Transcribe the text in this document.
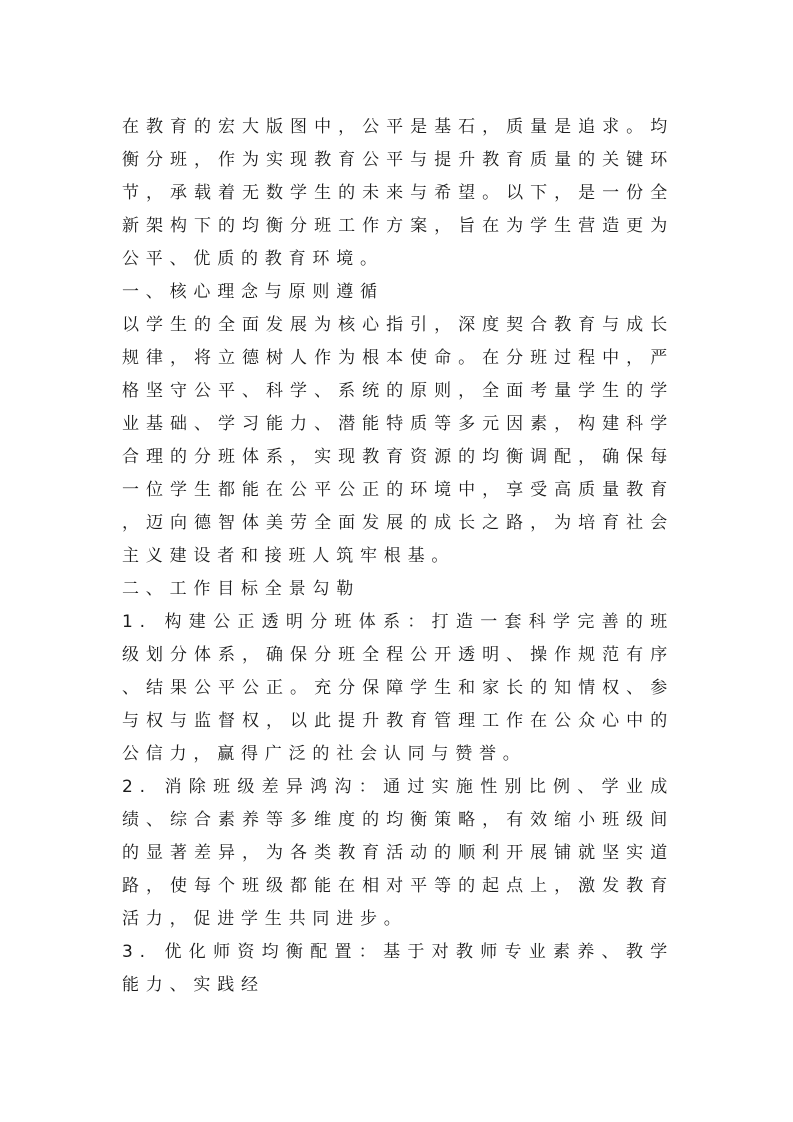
在教育的宏大版图中，公平是基石，质量是追求。均衡分班，作为实现教育公平与提升教育质量的关键环节，承载着无数学生的未来与希望。以下，是一份全新架构下的均衡分班工作方案，旨在为学生营造更为公平、优质的教育环境。

一、核心理念与原则遵循

以学生的全面发展为核心指引，深度契合教育与成长规律，将立德树人作为根本使命。在分班过程中，严格坚守公平、科学、系统的原则，全面考量学生的学业基础、学习能力、潜能特质等多元因素，构建科学合理的分班体系，实现教育资源的均衡调配，确保每一位学生都能在公平公正的环境中，享受高质量教育，迈向德智体美劳全面发展的成长之路，为培育社会主义建设者和接班人筑牢根基。

二、工作目标全景勾勒

1. 构建公正透明分班体系：打造一套科学完善的班级划分体系，确保分班全程公开透明、操作规范有序、结果公平公正。充分保障学生和家长的知情权、参与权与监督权，以此提升教育管理工作在公众心中的公信力，赢得广泛的社会认同与赞誉。

2. 消除班级差异鸿沟：通过实施性别比例、学业成绩、综合素养等多维度的均衡策略，有效缩小班级间的显著差异，为各类教育活动的顺利开展铺就坚实道路，使每个班级都能在相对平等的起点上，激发教育活力，促进学生共同进步。

3. 优化师资均衡配置：基于对教师专业素养、教学能力、实践经
